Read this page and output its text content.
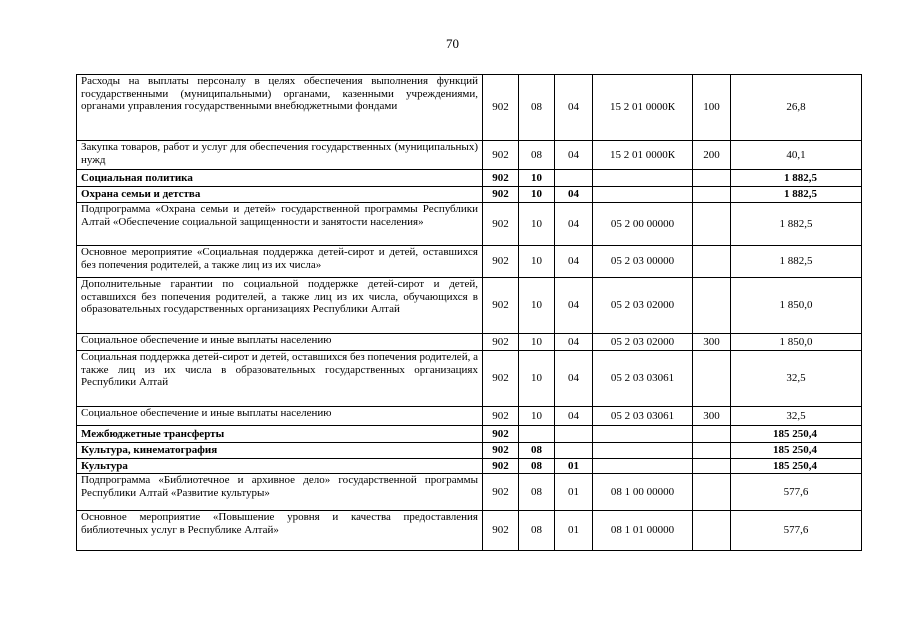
70
Расходы на выплаты персоналу в целях обеспечения выполнения функций государственными (муниципальными) органами, казенными учреждениями, органами управления государственными внебюджетными фондами	902	08	04	15 2 01 0000К	100	26,8
Закупка товаров, работ и услуг для обеспечения государственных (муниципальных) нужд	902	08	04	15 2 01 0000К	200	40,1
Социальная политика	902	10				1 882,5
Охрана семьи и детства	902	10	04			1 882,5
Подпрограмма «Охрана семьи и детей» государственной программы Республики Алтай «Обеспечение социальной защищенности и занятости населения»	902	10	04	05 2 00 00000		1 882,5
Основное мероприятие «Социальная поддержка детей-сирот и детей, оставшихся без попечения родителей, а также лиц из их числа»	902	10	04	05 2 03 00000		1 882,5
Дополнительные гарантии по социальной поддержке детей-сирот и детей, оставшихся без попечения родителей, а также лиц из их числа, обучающихся в образовательных государственных организациях Республики Алтай	902	10	04	05 2 03 02000		1 850,0
Социальное обеспечение и иные выплаты населению	902	10	04	05 2 03 02000	300	1 850,0
Социальная поддержка детей-сирот и детей, оставшихся без попечения родителей, а также лиц из их числа в образовательных государственных организациях Республики Алтай	902	10	04	05 2 03 03061		32,5
Социальное обеспечение и иные выплаты населению	902	10	04	05 2 03 03061	300	32,5
Межбюджетные трансферты	902					185 250,4
Культура, кинематография	902	08				185 250,4
Культура	902	08	01			185 250,4
Подпрограмма «Библиотечное и архивное дело» государственной программы Республики Алтай «Развитие культуры»	902	08	01	08 1 00 00000		577,6
Основное мероприятие «Повышение уровня и качества предоставления библиотечных услуг в Республике Алтай»	902	08	01	08 1 01 00000		577,6
